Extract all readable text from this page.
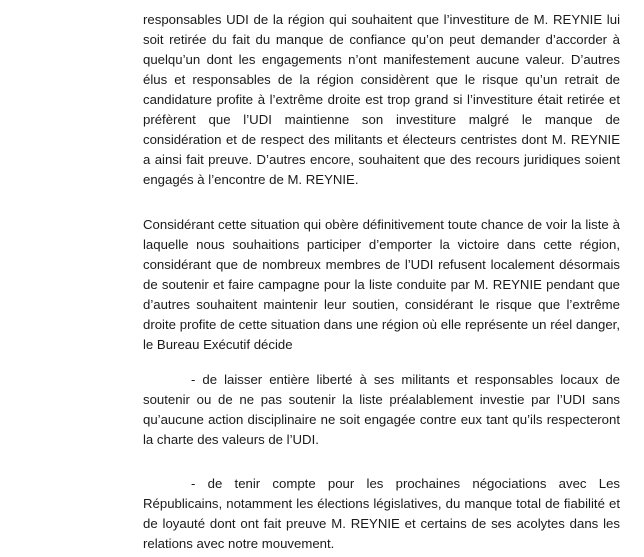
responsables UDI de la région qui souhaitent que l’investiture de M. REYNIE lui soit retirée du fait du manque de confiance qu’on peut demander d’accorder à quelqu’un dont les engagements n’ont manifestement aucune valeur. D’autres élus et responsables de la région considèrent que le risque qu’un retrait de candidature profite à l’extrême droite est trop grand si l’investiture était retirée et préfèrent que l’UDI maintienne son investiture malgré le manque de considération et de respect des militants et électeurs centristes dont M. REYNIE a ainsi fait preuve. D’autres encore, souhaitent que des recours juridiques soient engagés à l’encontre de M. REYNIE.

Considérant cette situation qui obère définitivement toute chance de voir la liste à laquelle nous souhaitions participer d’emporter la victoire dans cette région, considérant que de nombreux membres de l’UDI refusent localement désormais de soutenir et faire campagne pour la liste conduite par M. REYNIE pendant que d’autres souhaitent maintenir leur soutien, considérant le risque que l’extrême droite profite de cette situation dans une région où elle représente un réel danger, le Bureau Exécutif décide

- de laisser entière liberté à ses militants et responsables locaux de soutenir ou de ne pas soutenir la liste préalablement investie par l’UDI sans qu’aucune action disciplinaire ne soit engagée contre eux tant qu’ils respecteront la charte des valeurs de l’UDI.

- de tenir compte pour les prochaines négociations avec Les Républicains, notamment les élections législatives, du manque total de fiabilité et de loyauté dont ont fait preuve M. REYNIE et certains de ses acolytes dans les relations avec notre mouvement.
